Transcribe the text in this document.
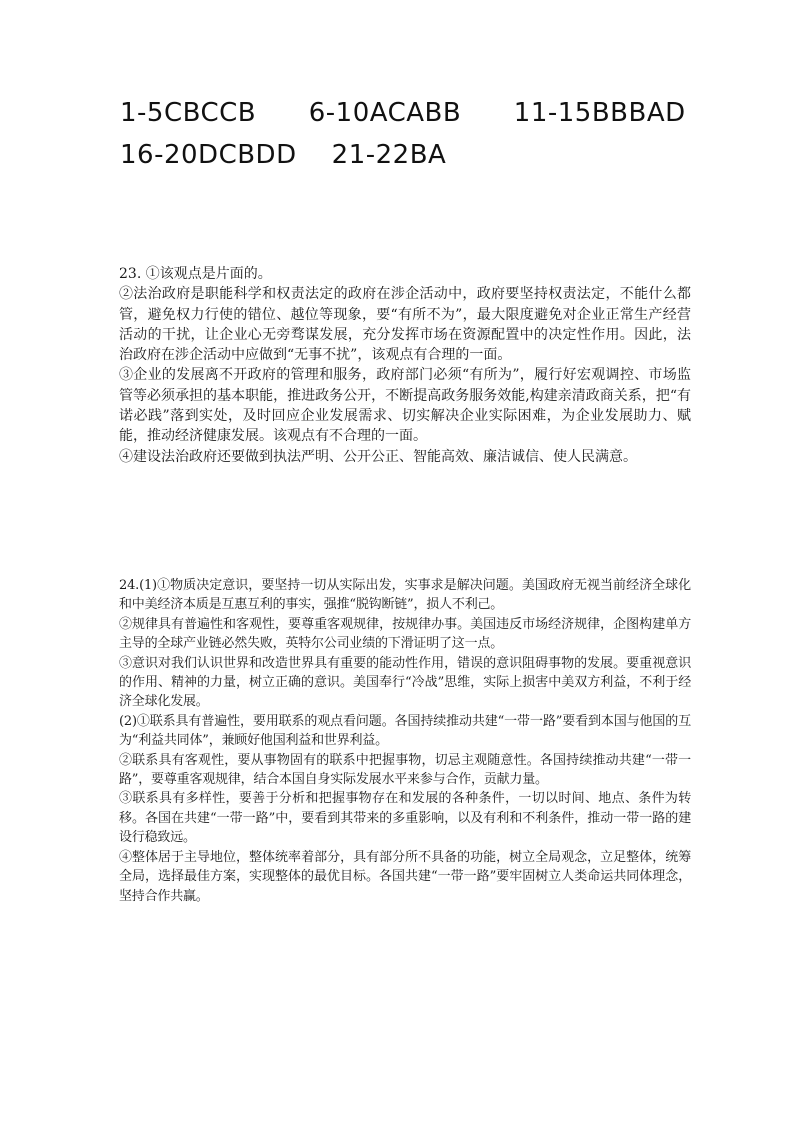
1-5CBCCB      6-10ACABB      11-15BBBAD
16-20DCBDD    21-22BA

23. ①该观点是片面的。

②法治政府是职能科学和权责法定的政府在涉企活动中，政府要坚持权责法定，不能什么都管，避免权力行使的错位、越位等现象，要“有所不为”，最大限度避免对企业正常生产经营活动的干扰，让企业心无旁骛谋发展，充分发挥市场在资源配置中的决定性作用。因此，法治政府在涉企活动中应做到“无事不扰”，该观点有合理的一面。

③企业的发展离不开政府的管理和服务，政府部门必须“有所为”，履行好宏观调控、市场监管等必须承担的基本职能，推进政务公开，不断提高政务服务效能,构建亲清政商关系，把“有诺必践”落到实处，及时回应企业发展需求、切实解决企业实际困难，为企业发展助力、赋能，推动经济健康发展。该观点有不合理的一面。

④建设法治政府还要做到执法严明、公开公正、智能高效、廉洁诚信、使人民满意。

24.(1)①物质决定意识，要坚持一切从实际出发，实事求是解决问题。美国政府无视当前经济全球化和中美经济本质是互惠互利的事实，强推“脱钩断链”，损人不利己。

②规律具有普遍性和客观性，要尊重客观规律，按规律办事。美国违反市场经济规律，企图构建单方主导的全球产业链必然失败，英特尔公司业绩的下滑证明了这一点。

③意识对我们认识世界和改造世界具有重要的能动性作用，错误的意识阻碍事物的发展。要重视意识的作用、精神的力量，树立正确的意识。美国奉行“冷战”思维，实际上损害中美双方利益，不利于经济全球化发展。

(2)①联系具有普遍性，要用联系的观点看问题。各国持续推动共建“一带一路”要看到本国与他国的互为“利益共同体”，兼顾好他国利益和世界利益。

②联系具有客观性，要从事物固有的联系中把握事物，切忌主观随意性。各国持续推动共建“一带一路”，要尊重客观规律，结合本国自身实际发展水平来参与合作，贡献力量。

③联系具有多样性，要善于分析和把握事物存在和发展的各种条件，一切以时间、地点、条件为转移。各国在共建“一带一路”中，要看到其带来的多重影响，以及有利和不利条件，推动一带一路的建设行稳致远。

④整体居于主导地位，整体统率着部分，具有部分所不具备的功能，树立全局观念，立足整体，统筹全局，选择最佳方案，实现整体的最优目标。各国共建“一带一路”要牢固树立人类命运共同体理念，坚持合作共赢。
